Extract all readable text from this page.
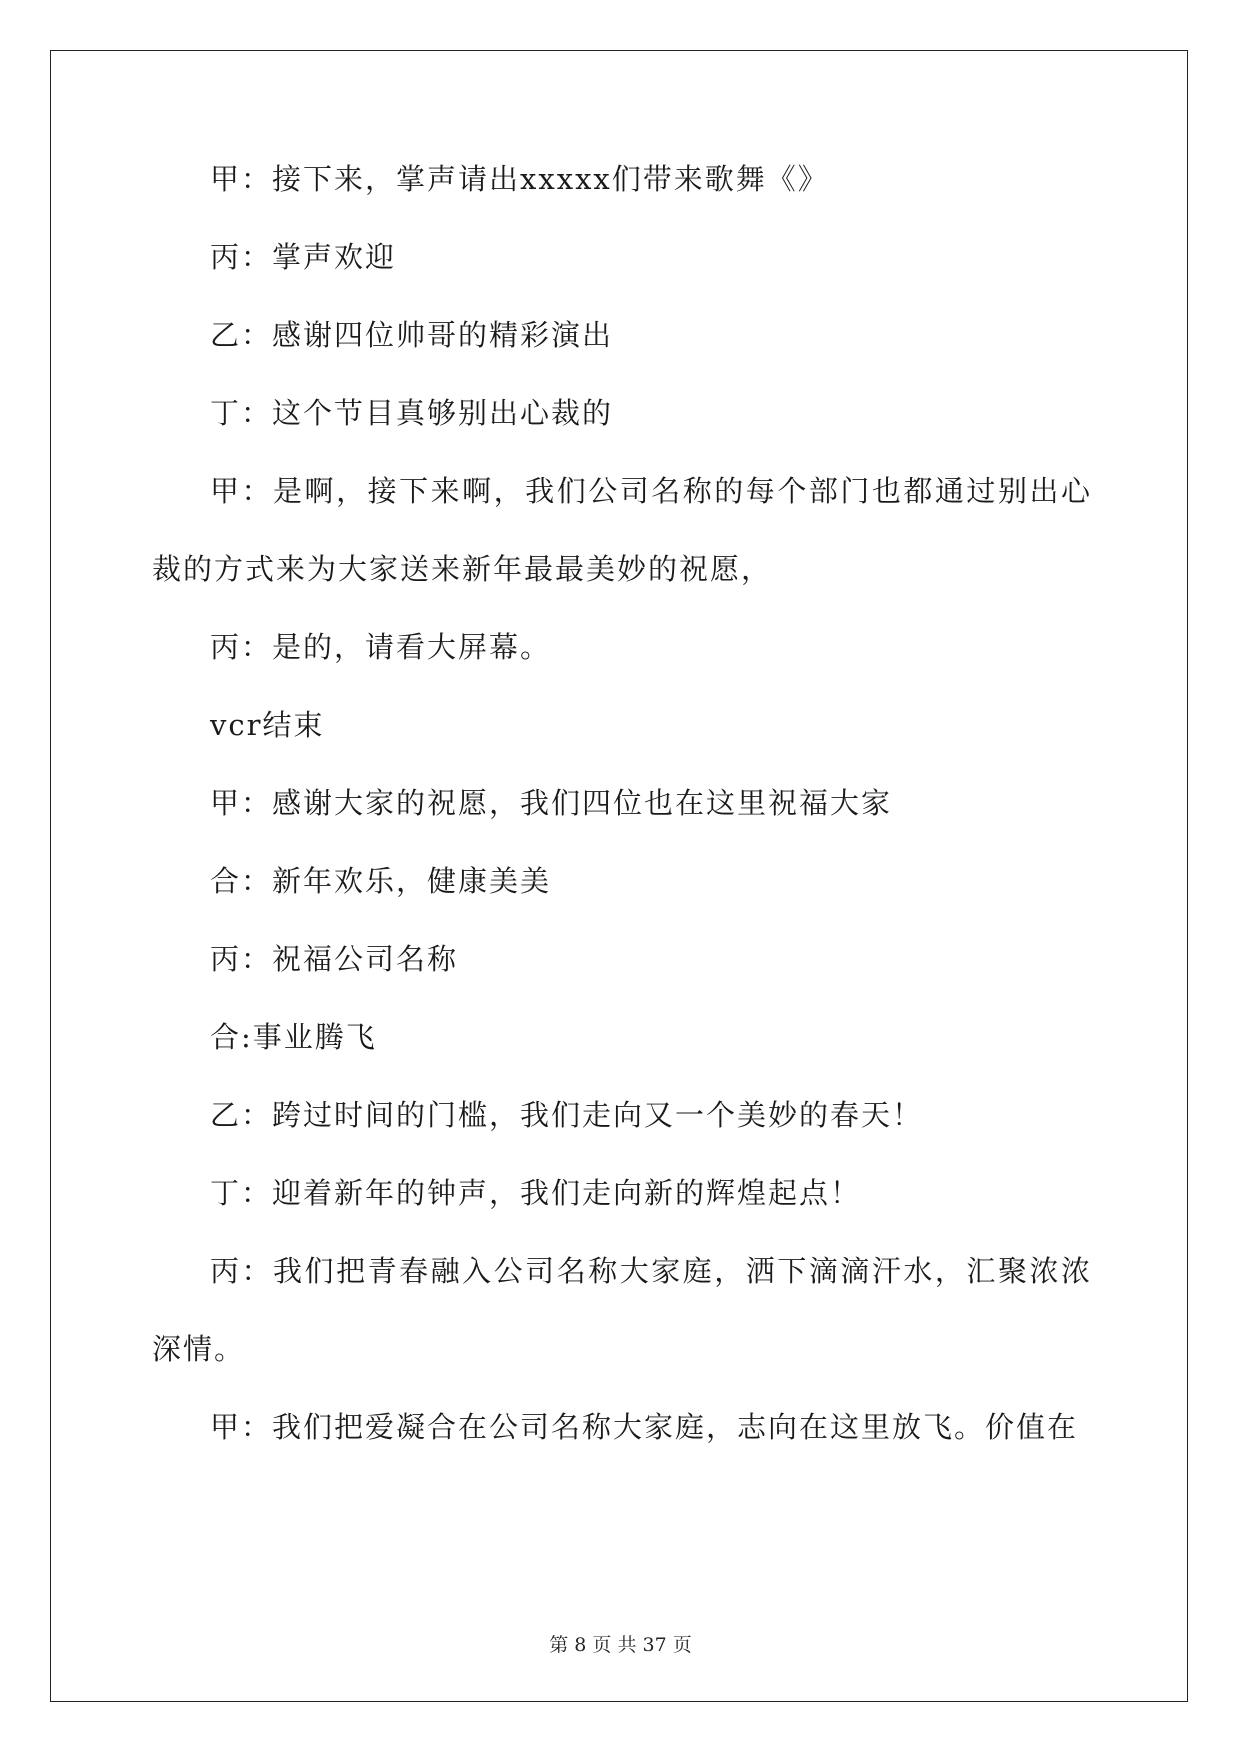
甲：接下来，掌声请出xxxxx们带来歌舞《》

丙：掌声欢迎

乙：感谢四位帅哥的精彩演出

丁：这个节目真够别出心裁的

甲：是啊，接下来啊，我们公司名称的每个部门也都通过别出心裁的方式来为大家送来新年最最美妙的祝愿，

丙：是的，请看大屏幕。

vcr结束

甲：感谢大家的祝愿，我们四位也在这里祝福大家

合：新年欢乐，健康美美

丙：祝福公司名称

合:事业腾飞

乙：跨过时间的门槛，我们走向又一个美妙的春天！

丁：迎着新年的钟声，我们走向新的辉煌起点！

丙：我们把青春融入公司名称大家庭，洒下滴滴汗水，汇聚浓浓深情。

甲：我们把爱凝合在公司名称大家庭，志向在这里放飞。价值在

第 8 页 共 37 页
